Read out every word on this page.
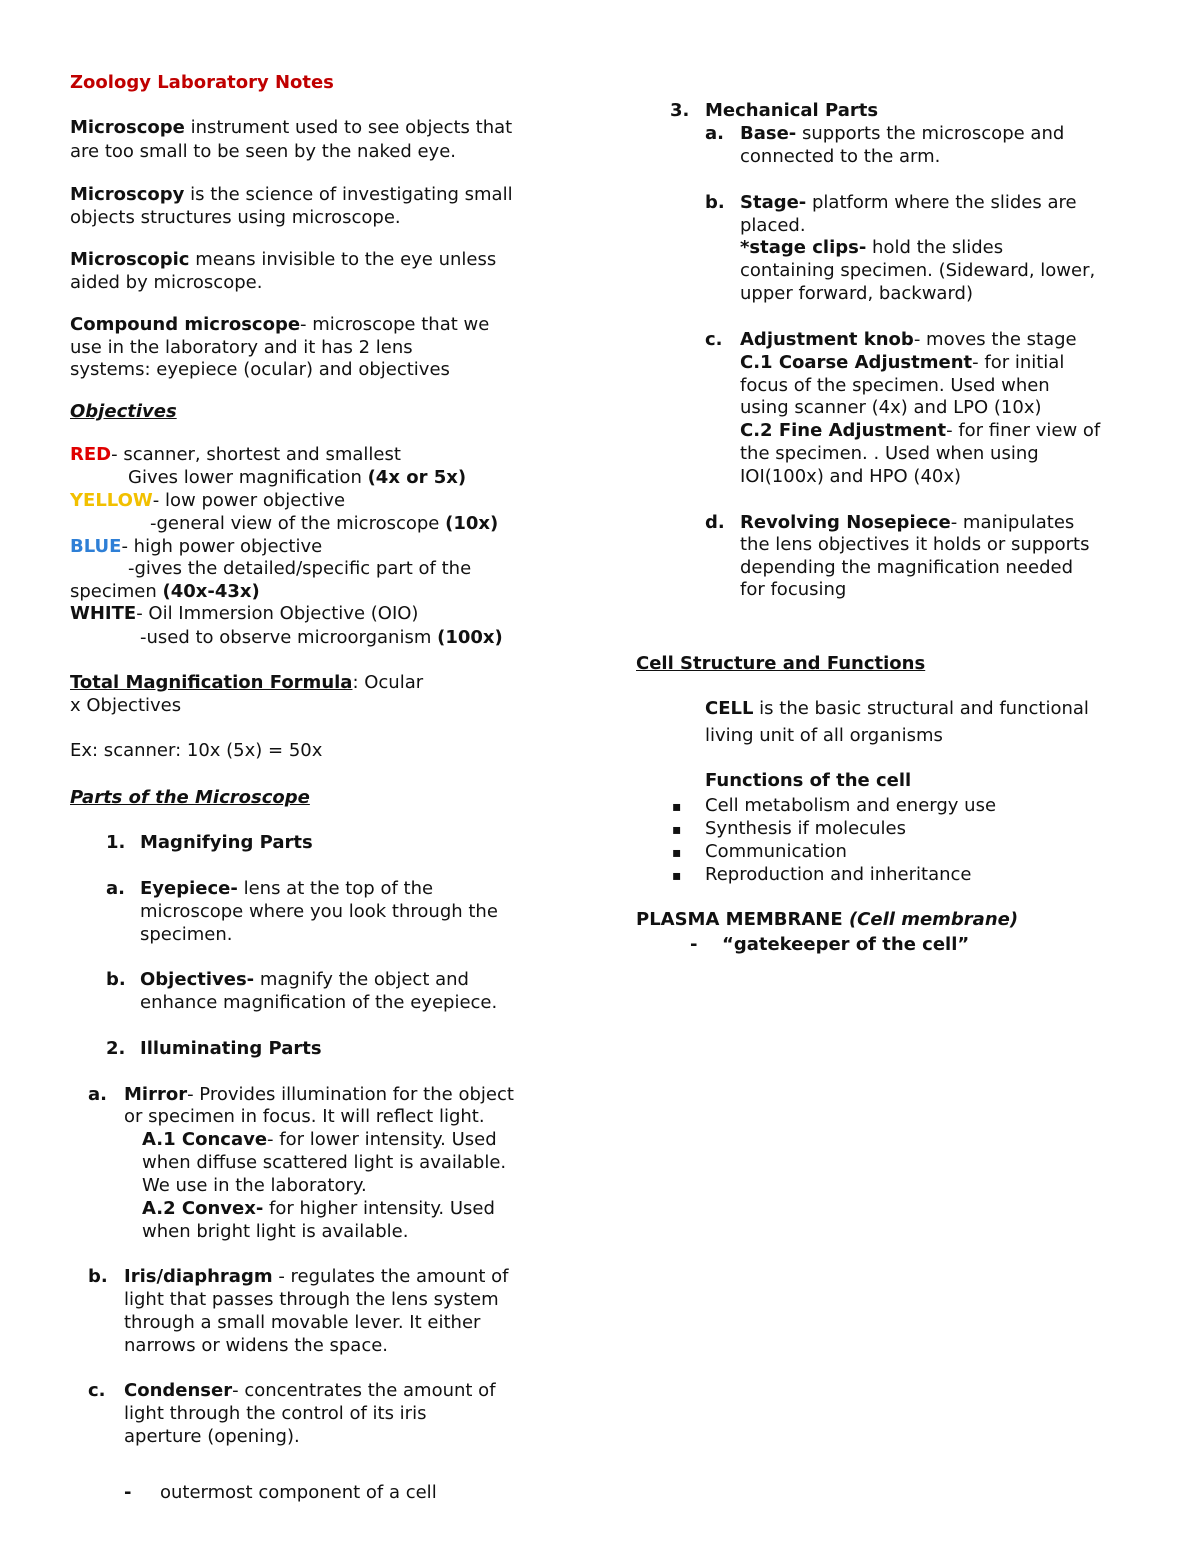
Zoology Laboratory Notes
Microscope instrument used to see objects that
are too small to be seen by the naked eye.
Microscopy is the science of investigating small
objects structures using microscope.
Microscopic means invisible to the eye unless
aided by microscope.
Compound microscope- microscope that we
use in the laboratory and it has 2 lens
systems: eyepiece (ocular) and objectives
Objectives
RED- scanner, shortest and smallest
Gives lower magnification (4x or 5x)
YELLOW- low power objective
-general view of the microscope (10x)
BLUE- high power objective
-gives the detailed/specific part of the
specimen (40x-43x)
WHITE- Oil Immersion Objective (OIO)
-used to observe microorganism (100x)
Total Magnification Formula: Ocular
x Objectives
Ex: scanner: 10x (5x) = 50x
Parts of the Microscope
1. Magnifying Parts
a. Eyepiece- lens at the top of the
microscope where you look through the
specimen.
b. Objectives- magnify the object and
enhance magnification of the eyepiece.
2. Illuminating Parts
a. Mirror- Provides illumination for the object
or specimen in focus. It will reflect light.
A.1 Concave- for lower intensity. Used
when diffuse scattered light is available.
We use in the laboratory.
A.2 Convex- for higher intensity. Used
when bright light is available.
b. Iris/diaphragm - regulates the amount of
light that passes through the lens system
through a small movable lever. It either
narrows or widens the space.
c. Condenser- concentrates the amount of
light through the control of its iris
aperture (opening).
- outermost component of a cell
3. Mechanical Parts
a. Base- supports the microscope and
connected to the arm.
b. Stage- platform where the slides are
placed.
*stage clips- hold the slides
containing specimen. (Sideward, lower,
upper forward, backward)
c. Adjustment knob- moves the stage
C.1 Coarse Adjustment- for initial
focus of the specimen. Used when
using scanner (4x) and LPO (10x)
C.2 Fine Adjustment- for finer view of
the specimen. . Used when using
IOI(100x) and HPO (40x)
d. Revolving Nosepiece- manipulates
the lens objectives it holds or supports
depending the magnification needed
for focusing
Cell Structure and Functions
CELL is the basic structural and functional
living unit of all organisms
Functions of the cell
▪ Cell metabolism and energy use
▪ Synthesis if molecules
▪ Communication
▪ Reproduction and inheritance
PLASMA MEMBRANE (Cell membrane)
- “gatekeeper of the cell”
